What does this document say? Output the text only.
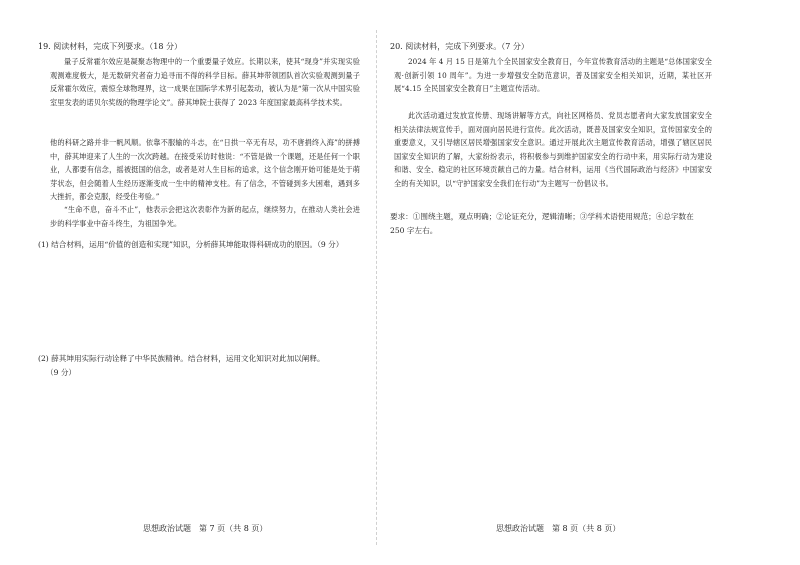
19. 阅读材料，完成下列要求。（18 分）
量子反常霍尔效应是凝聚态物理中的一个重要量子效应。长期以来，使其“现身”并实现实验观测难度极大，是无数研究者奋力追寻而不得的科学目标。薛其坤带领团队首次实验观测到量子反常霍尔效应，震惊全球物理界，这一成果在国际学术界引起轰动，被认为是“第一次从中国实验室里发表的诺贝尔奖级的物理学论文”。薛其坤院士获得了 2023 年度国家最高科学技术奖。
他的科研之路并非一帆风顺。依靠不服输的斗志，在“日拱一卒无有尽，功不唐捐终入海”的拼搏中，薛其坤迎来了人生的一次次跨越。在接受采访时他说：“不管是做一个课题，还是任何一个职业，人都要有信念，摇被挺国的信念，或者是对人生目标的追求，这个信念刚开始可能是处于萌芽状态，但会随着人生经历逐渐变成一生中的精神支柱。有了信念，不管碰到多大困难，遇到多大挫折，都会克服，经受住考验。”
“生命不息，奋斗不止”，他表示会把这次表彰作为新的起点，继续努力，在推动人类社会进步的科学事业中奋斗终生，为祖国争光。
(1) 结合材料，运用“价值的创造和实现”知识，分析薛其坤能取得科研成功的原因。（9 分）
(2) 薛其坤用实际行动诠释了中华民族精神。结合材料，运用文化知识对此加以阐释。
（9 分）
思想政治试题　第 7 页（共 8 页）
20. 阅读材料，完成下列要求。（7 分）
2024 年 4 月 15 日是第九个全民国家安全教育日，今年宣传教育活动的主题是“总体国家安全观·创新引领 10 周年”。为进一步增强安全防范意识，普及国家安全相关知识，近期，某社区开展“4.15 全民国家安全教育日”主题宣传活动。
此次活动通过发放宣传册、现场讲解等方式，向社区网格员、党员志愿者向大家发放国家安全相关法律法规宣传手，面对面向居民进行宣传。此次活动，既普及国家安全知识，宣传国家安全的重要意义，又引导辖区居民增强国家安全意识。通过开展此次主题宣传教育活动，增强了辖区居民国家安全知识的了解，大家纷纷表示，将积极参与到维护国家安全的行动中来，用实际行动为建设和谐、安全、稳定的社区环境贡献自己的力量。结合材料，运用《当代国际政治与经济》中国家安全的有关知识，以“守护国家安全我们在行动”为主题写一份倡议书。
要求：①围绕主题，观点明确；②论证充分，逻辑清晰；③学科术语使用规范；④总字数在
250 字左右。
思想政治试题　第 8 页（共 8 页）
